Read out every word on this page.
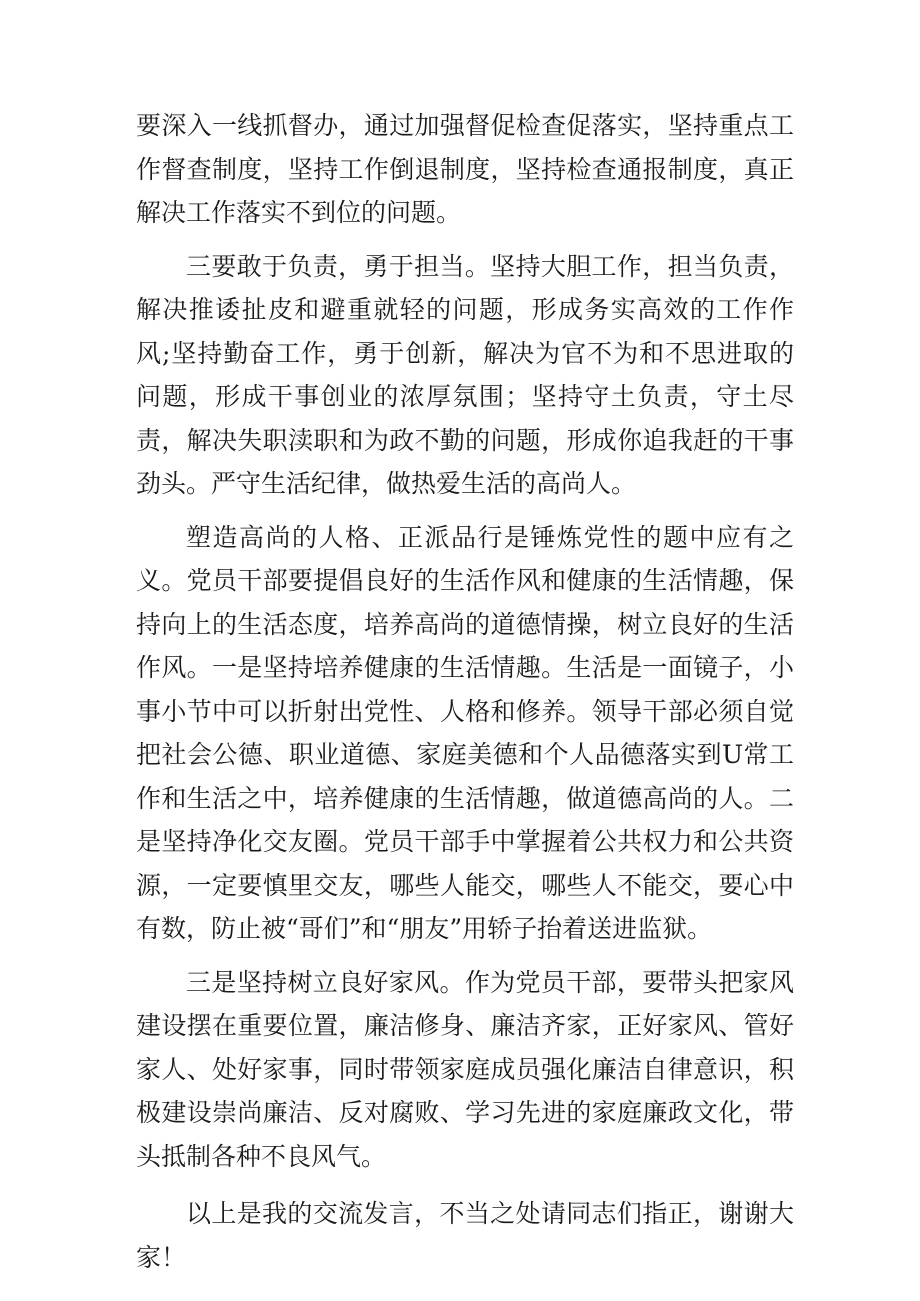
要深入一线抓督办，通过加强督促检查促落实，坚持重点工作督查制度，坚持工作倒退制度，坚持检查通报制度，真正解决工作落实不到位的问题。

三要敢于负责，勇于担当。坚持大胆工作，担当负责，解决推诿扯皮和避重就轻的问题，形成务实高效的工作作风;坚持勤奋工作，勇于创新，解决为官不为和不思进取的问题，形成干事创业的浓厚氛围；坚持守土负责，守土尽责，解决失职渎职和为政不勤的问题，形成你追我赶的干事劲头。严守生活纪律，做热爱生活的高尚人。

塑造高尚的人格、正派品行是锤炼党性的题中应有之义。党员干部要提倡良好的生活作风和健康的生活情趣，保持向上的生活态度，培养高尚的道德情操，树立良好的生活作风。一是坚持培养健康的生活情趣。生活是一面镜子，小事小节中可以折射出党性、人格和修养。领导干部必须自觉把社会公德、职业道德、家庭美德和个人品德落实到U常工作和生活之中，培养健康的生活情趣，做道德高尚的人。二是坚持净化交友圈。党员干部手中掌握着公共权力和公共资源，一定要慎里交友，哪些人能交，哪些人不能交，要心中有数，防止被“哥们”和“朋友”用轿子抬着送进监狱。

三是坚持树立良好家风。作为党员干部，要带头把家风建设摆在重要位置，廉洁修身、廉洁齐家，正好家风、管好家人、处好家事，同时带领家庭成员强化廉洁自律意识，积极建设崇尚廉洁、反对腐败、学习先进的家庭廉政文化，带头抵制各种不良风气。

以上是我的交流发言，不当之处请同志们指正，谢谢大家！
